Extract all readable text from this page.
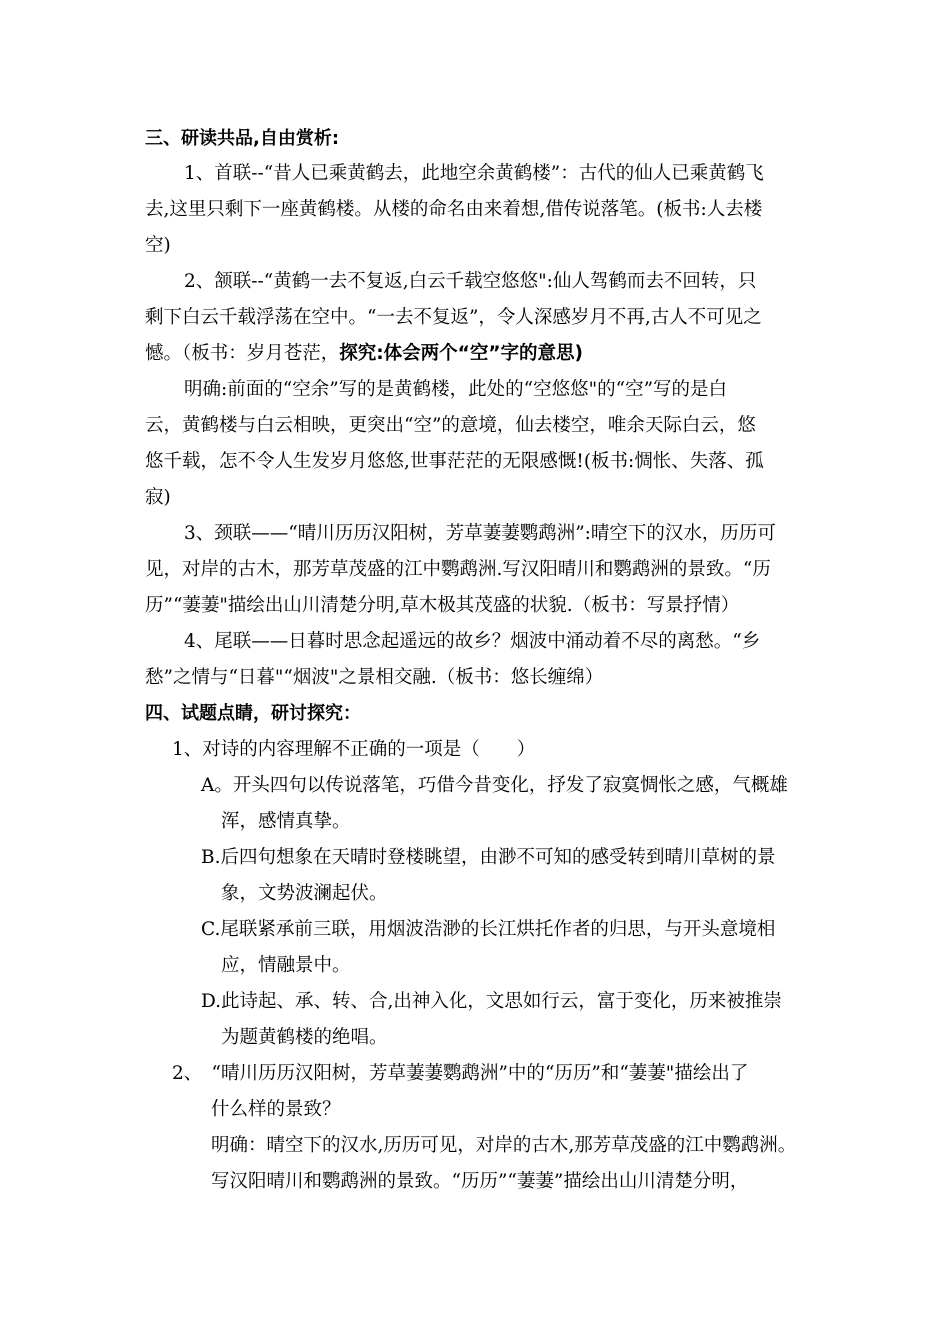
三、研读共品,自由赏析:
1、首联--“昔人已乘黄鹤去，此地空余黄鹤楼”：古代的仙人已乘黄鹤飞
去,这里只剩下一座黄鹤楼。从楼的命名由来着想,借传说落笔。(板书:人去楼
空)
2、颔联--“黄鹤一去不复返,白云千载空悠悠":仙人驾鹤而去不回转，只
剩下白云千载浮荡在空中。“一去不复返”，令人深感岁月不再,古人不可见之
憾。（板书：岁月苍茫，探究:体会两个“空”字的意思)
明确:前面的“空余”写的是黄鹤楼，此处的“空悠悠"的“空”写的是白
云，黄鹤楼与白云相映，更突出“空”的意境，仙去楼空，唯余天际白云，悠
悠千载，怎不令人生发岁月悠悠,世事茫茫的无限感慨!(板书:惆怅、失落、孤
寂)
3、颈联——“晴川历历汉阳树，芳草萋萋鹦鹉洲”:晴空下的汉水，历历可
见，对岸的古木，那芳草茂盛的江中鹦鹉洲.写汉阳晴川和鹦鹉洲的景致。“历
历”“萋萋"描绘出山川清楚分明,草木极其茂盛的状貌.（板书：写景抒情）
4、尾联——日暮时思念起遥远的故乡？烟波中涌动着不尽的离愁。“乡
愁”之情与“日暮"“烟波"之景相交融.（板书：悠长缠绵）
四、试题点睛，研讨探究：
1、对诗的内容理解不正确的一项是（　　）
A。开头四句以传说落笔，巧借今昔变化，抒发了寂寞惆怅之感，气概雄
浑，感情真挚。
B.后四句想象在天晴时登楼眺望，由渺不可知的感受转到晴川草树的景
象，文势波澜起伏。
C.尾联紧承前三联，用烟波浩渺的长江烘托作者的归思，与开头意境相
应，情融景中。
D.此诗起、承、转、合,出神入化，文思如行云，富于变化，历来被推崇
为题黄鹤楼的绝唱。
2、　“晴川历历汉阳树，芳草萋萋鹦鹉洲”中的“历历”和“萋萋"描绘出了
什么样的景致？
明确：晴空下的汉水,历历可见，对岸的古木,那芳草茂盛的江中鹦鹉洲。
写汉阳晴川和鹦鹉洲的景致。“历历”“萋萋”描绘出山川清楚分明，
